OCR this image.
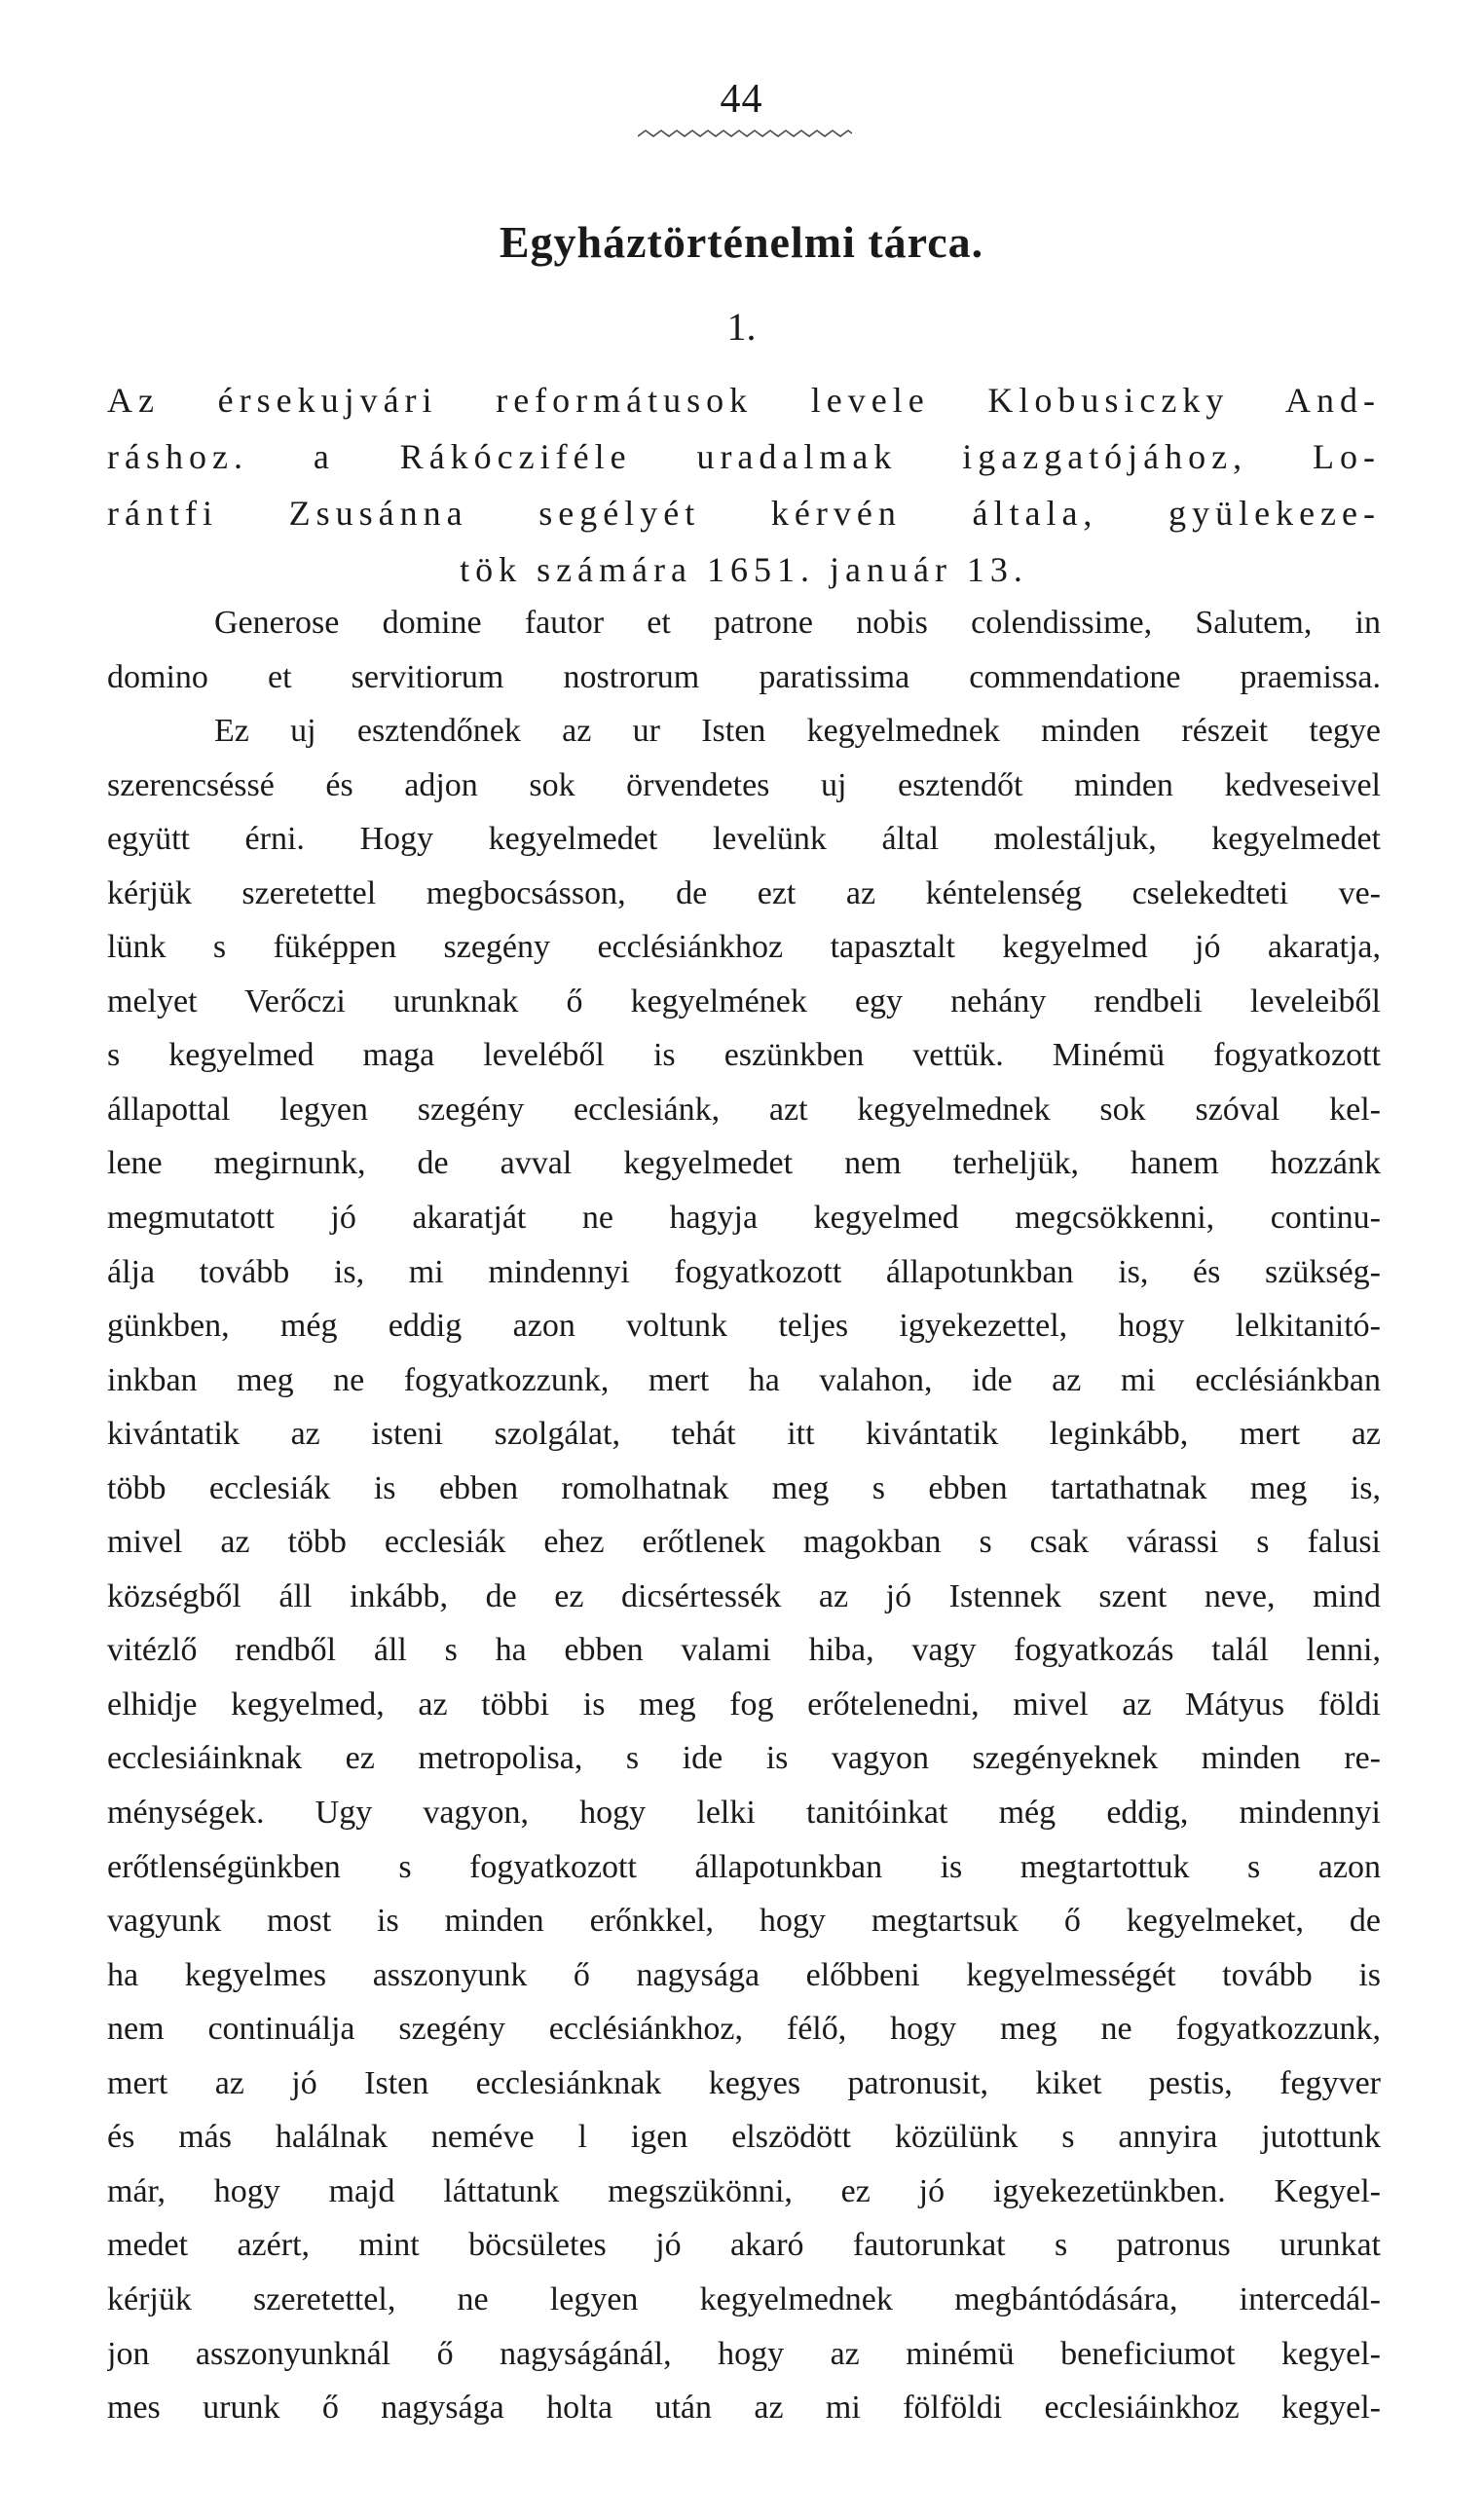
44
Egyháztörténelmi tárca.
1.
Az érsekujvári reformátusok levele Klobusiczky And-
ráshoz. a Rákócziféle uradalmak igazgatójához, Lo-
rántfi Zsusánna segélyét kérvén általa, gyülekeze-
tök számára 1651. január 13.
Generose domine fautor et patrone nobis colendissime, Salutem, in
domino et servitiorum nostrorum paratissima commendatione praemissa.
Ez uj esztendőnek az ur Isten kegyelmednek minden részeit tegye
szerencséssé és adjon sok örvendetes uj esztendőt minden kedveseivel
együtt érni. Hogy kegyelmedet levelünk által molestáljuk, kegyelmedet
kérjük szeretettel megbocsásson, de ezt az kéntelenség cselekedteti ve-
lünk s füképpen szegény ecclésiánkhoz tapasztalt kegyelmed jó akaratja,
melyet Verőczi urunknak ő kegyelmének egy nehány rendbeli leveleiből
s kegyelmed maga leveléből is eszünkben vettük. Minémü fogyatkozott
állapottal legyen szegény ecclesiánk, azt kegyelmednek sok szóval kel-
lene megirnunk, de avval kegyelmedet nem terheljük, hanem hozzánk
megmutatott jó akaratját ne hagyja kegyelmed megcsökkenni, continu-
álja tovább is, mi mindennyi fogyatkozott állapotunkban is, és szükség-
günkben, még eddig azon voltunk teljes igyekezettel, hogy lelkitanitó-
inkban meg ne fogyatkozzunk, mert ha valahon, ide az mi ecclésiánkban
kivántatik az isteni szolgálat, tehát itt kivántatik leginkább, mert az
több ecclesiák is ebben romolhatnak meg s ebben tartathatnak meg is,
mivel az több ecclesiák ehez erőtlenek magokban s csak várassi s falusi
községből áll inkább, de ez dicsértessék az jó Istennek szent neve, mind
vitézlő rendből áll s ha ebben valami hiba, vagy fogyatkozás talál lenni,
elhidje kegyelmed, az többi is meg fog erőtelenedni, mivel az Mátyus földi
ecclesiáinknak ez metropolisa, s ide is vagyon szegényeknek minden re-
ménységek. Ugy vagyon, hogy lelki tanitóinkat még eddig, mindennyi
erőtlenségünkben s fogyatkozott állapotunkban is megtartottuk s azon
vagyunk most is minden erőnkkel, hogy megtartsuk ő kegyelmeket, de
ha kegyelmes asszonyunk ő nagysága előbbeni kegyelmességét tovább is
nem continuálja szegény ecclésiánkhoz, félő, hogy meg ne fogyatkozzunk,
mert az jó Isten ecclesiánknak kegyes patronusit, kiket pestis, fegyver
és más halálnak neméve l igen elszödött közülünk s annyira jutottunk
már, hogy majd láttatunk megszükönni, ez jó igyekezetünkben. Kegyel-
medet azért, mint böcsületes jó akaró fautorunkat s patronus urunkat
kérjük szeretettel, ne legyen kegyelmednek megbántódására, intercedál-
jon asszonyunknál ő nagyságánál, hogy az minémü beneficiumot kegyel-
mes urunk ő nagysága holta után az mi fölföldi ecclesiáinkhoz kegyel-
